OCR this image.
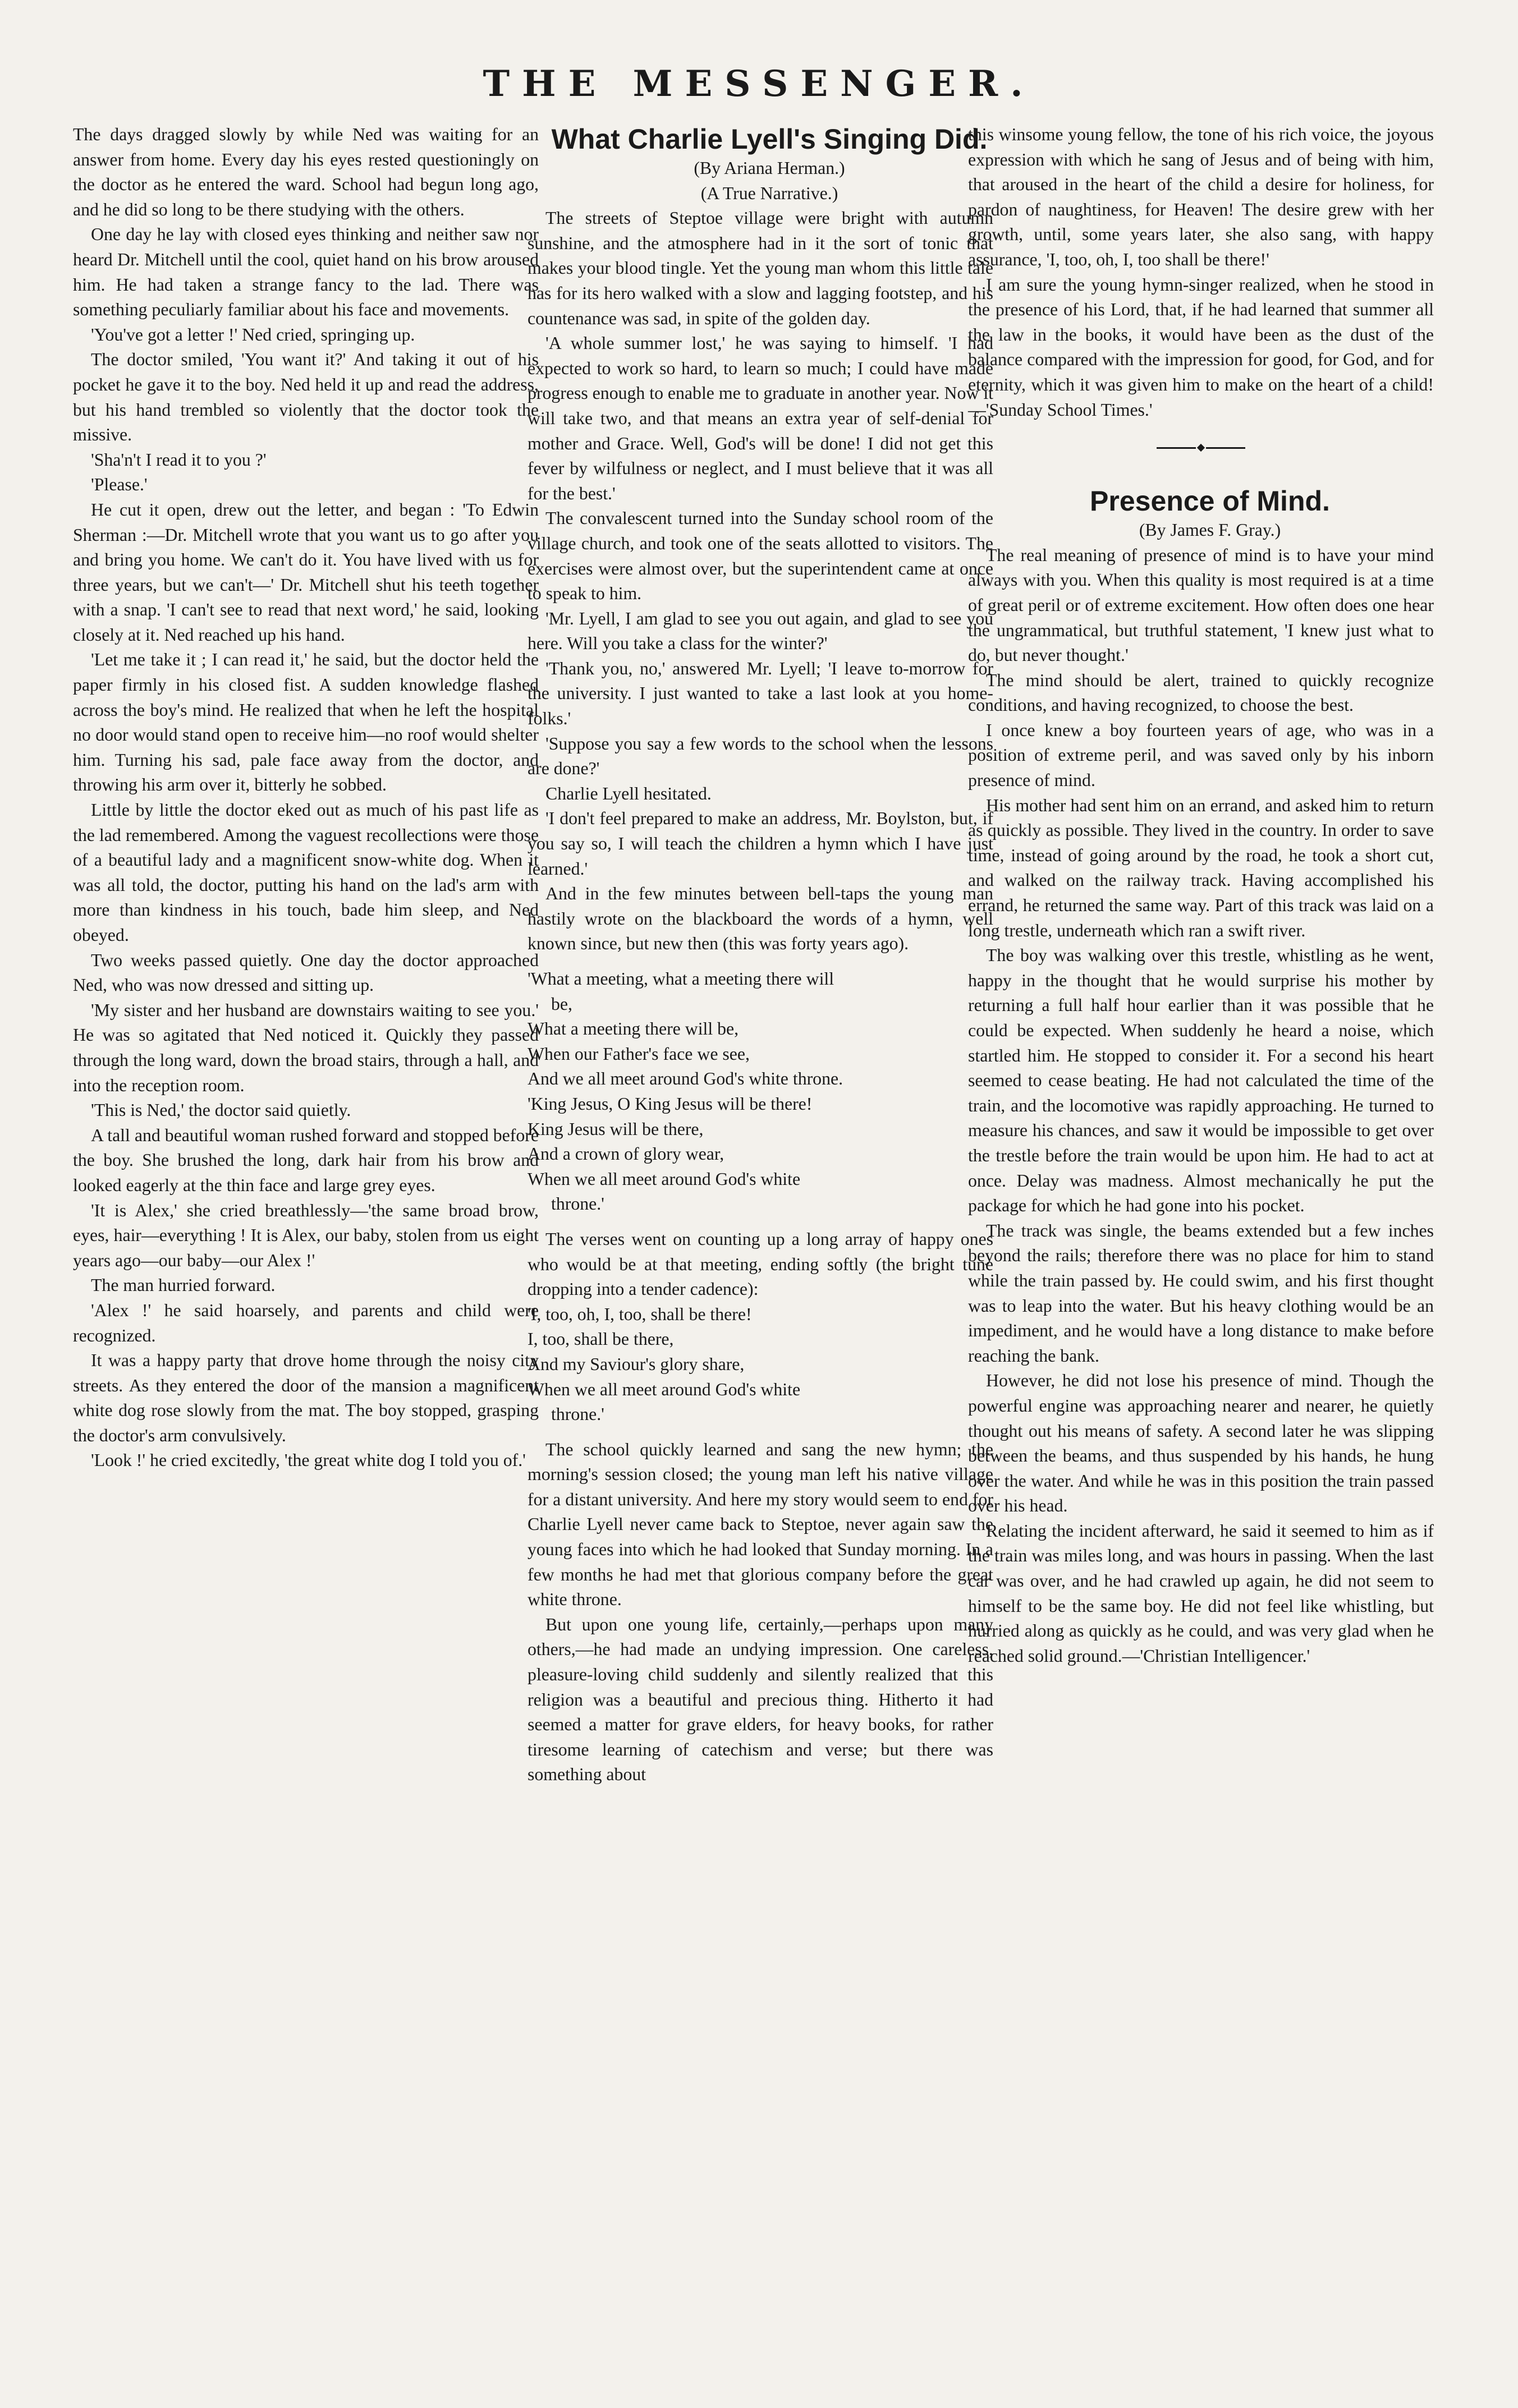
THE MESSENGER.

The days dragged slowly by while Ned was waiting for an answer from home. Every day his eyes rested questioningly on the doctor as he entered the ward. School had begun long ago, and he did so long to be there studying with the others.

One day he lay with closed eyes thinking and neither saw nor heard Dr. Mitchell until the cool, quiet hand on his brow aroused him. He had taken a strange fancy to the lad. There was something peculiarly familiar about his face and movements.

'You've got a letter !' Ned cried, springing up.

The doctor smiled, 'You want it?' And taking it out of his pocket he gave it to the boy. Ned held it up and read the address, but his hand trembled so violently that the doctor took the missive.

'Sha'n't I read it to you ?'

'Please.'

He cut it open, drew out the letter, and began : 'To Edwin Sherman :—Dr. Mitchell wrote that you want us to go after you and bring you home. We can't do it. You have lived with us for three years, but we can't—' Dr. Mitchell shut his teeth together with a snap. 'I can't see to read that next word,' he said, looking closely at it. Ned reached up his hand.

'Let me take it ; I can read it,' he said, but the doctor held the paper firmly in his closed fist. A sudden knowledge flashed across the boy's mind. He realized that when he left the hospital no door would stand open to receive him—no roof would shelter him. Turning his sad, pale face away from the doctor, and throwing his arm over it, bitterly he sobbed.

Little by little the doctor eked out as much of his past life as the lad remembered. Among the vaguest recollections were those of a beautiful lady and a magnificent snow-white dog. When it was all told, the doctor, putting his hand on the lad's arm with more than kindness in his touch, bade him sleep, and Ned obeyed.

Two weeks passed quietly. One day the doctor approached Ned, who was now dressed and sitting up.

'My sister and her husband are downstairs waiting to see you.' He was so agitated that Ned noticed it. Quickly they passed through the long ward, down the broad stairs, through a hall, and into the reception room.

'This is Ned,' the doctor said quietly.

A tall and beautiful woman rushed forward and stopped before the boy. She brushed the long, dark hair from his brow and looked eagerly at the thin face and large grey eyes.

'It is Alex,' she cried breathlessly—'the same broad brow, eyes, hair—everything ! It is Alex, our baby, stolen from us eight years ago—our baby—our Alex !'

The man hurried forward.

'Alex !' he said hoarsely, and parents and child were recognized.

It was a happy party that drove home through the noisy city streets. As they entered the door of the mansion a magnificent white dog rose slowly from the mat. The boy stopped, grasping the doctor's arm convulsively.

'Look !' he cried excitedly, 'the great white dog I told you of.'

What Charlie Lyell's Singing Did.

(By Ariana Herman.)

(A True Narrative.)

The streets of Steptoe village were bright with autumn sunshine, and the atmosphere had in it the sort of tonic that makes your blood tingle. Yet the young man whom this little tale has for its hero walked with a slow and lagging footstep, and his countenance was sad, in spite of the golden day.

'A whole summer lost,' he was saying to himself. 'I had expected to work so hard, to learn so much; I could have made progress enough to enable me to graduate in another year. Now it will take two, and that means an extra year of self-denial for mother and Grace. Well, God's will be done! I did not get this fever by wilfulness or neglect, and I must believe that it was all for the best.'

The convalescent turned into the Sunday school room of the village church, and took one of the seats allotted to visitors. The exercises were almost over, but the superintendent came at once to speak to him.

'Mr. Lyell, I am glad to see you out again, and glad to see you here. Will you take a class for the winter?'

'Thank you, no,' answered Mr. Lyell; 'I leave to-morrow for the university. I just wanted to take a last look at you home-folks.'

'Suppose you say a few words to the school when the lessons are done?'

Charlie Lyell hesitated.

'I don't feel prepared to make an address, Mr. Boylston, but, if you say so, I will teach the children a hymn which I have just learned.'

And in the few minutes between bell-taps the young man hastily wrote on the blackboard the words of a hymn, well known since, but new then (this was forty years ago).

'What a meeting, what a meeting there will
be,
What a meeting there will be,
When our Father's face we see,
And we all meet around God's white throne.
'King Jesus, O King Jesus will be there!
King Jesus will be there,
And a crown of glory wear,
When we all meet around God's white
throne.'

The verses went on counting up a long array of happy ones who would be at that meeting, ending softly (the bright tune dropping into a tender cadence):

'I, too, oh, I, too, shall be there!
I, too, shall be there,
And my Saviour's glory share,
When we all meet around God's white
throne.'

The school quickly learned and sang the new hymn; the morning's session closed; the young man left his native village for a distant university. And here my story would seem to end for Charlie Lyell never came back to Steptoe, never again saw the young faces into which he had looked that Sunday morning. In a few months he had met that glorious company before the great white throne.

But upon one young life, certainly,—perhaps upon many others,—he had made an undying impression. One careless, pleasure-loving child suddenly and silently realized that this religion was a beautiful and precious thing. Hitherto it had seemed a matter for grave elders, for heavy books, for rather tiresome learning of catechism and verse; but there was something about

this winsome young fellow, the tone of his rich voice, the joyous expression with which he sang of Jesus and of being with him, that aroused in the heart of the child a desire for holiness, for pardon of naughtiness, for Heaven! The desire grew with her growth, until, some years later, she also sang, with happy assurance, 'I, too, oh, I, too shall be there!'

I am sure the young hymn-singer realized, when he stood in the presence of his Lord, that, if he had learned that summer all the law in the books, it would have been as the dust of the balance compared with the impression for good, for God, and for eternity, which it was given him to make on the heart of a child!—'Sunday School Times.'

Presence of Mind.

(By James F. Gray.)

The real meaning of presence of mind is to have your mind always with you. When this quality is most required is at a time of great peril or of extreme excitement. How often does one hear the ungrammatical, but truthful statement, 'I knew just what to do, but never thought.'

The mind should be alert, trained to quickly recognize conditions, and having recognized, to choose the best.

I once knew a boy fourteen years of age, who was in a position of extreme peril, and was saved only by his inborn presence of mind.

His mother had sent him on an errand, and asked him to return as quickly as possible. They lived in the country. In order to save time, instead of going around by the road, he took a short cut, and walked on the railway track. Having accomplished his errand, he returned the same way. Part of this track was laid on a long trestle, underneath which ran a swift river.

The boy was walking over this trestle, whistling as he went, happy in the thought that he would surprise his mother by returning a full half hour earlier than it was possible that he could be expected. When suddenly he heard a noise, which startled him. He stopped to consider it. For a second his heart seemed to cease beating. He had not calculated the time of the train, and the locomotive was rapidly approaching. He turned to measure his chances, and saw it would be impossible to get over the trestle before the train would be upon him. He had to act at once. Delay was madness. Almost mechanically he put the package for which he had gone into his pocket.

The track was single, the beams extended but a few inches beyond the rails; therefore there was no place for him to stand while the train passed by. He could swim, and his first thought was to leap into the water. But his heavy clothing would be an impediment, and he would have a long distance to make before reaching the bank.

However, he did not lose his presence of mind. Though the powerful engine was approaching nearer and nearer, he quietly thought out his means of safety. A second later he was slipping between the beams, and thus suspended by his hands, he hung over the water. And while he was in this position the train passed over his head.

Relating the incident afterward, he said it seemed to him as if the train was miles long, and was hours in passing. When the last car was over, and he had crawled up again, he did not seem to himself to be the same boy. He did not feel like whistling, but hurried along as quickly as he could, and was very glad when he reached solid ground.—'Christian Intelligencer.'
